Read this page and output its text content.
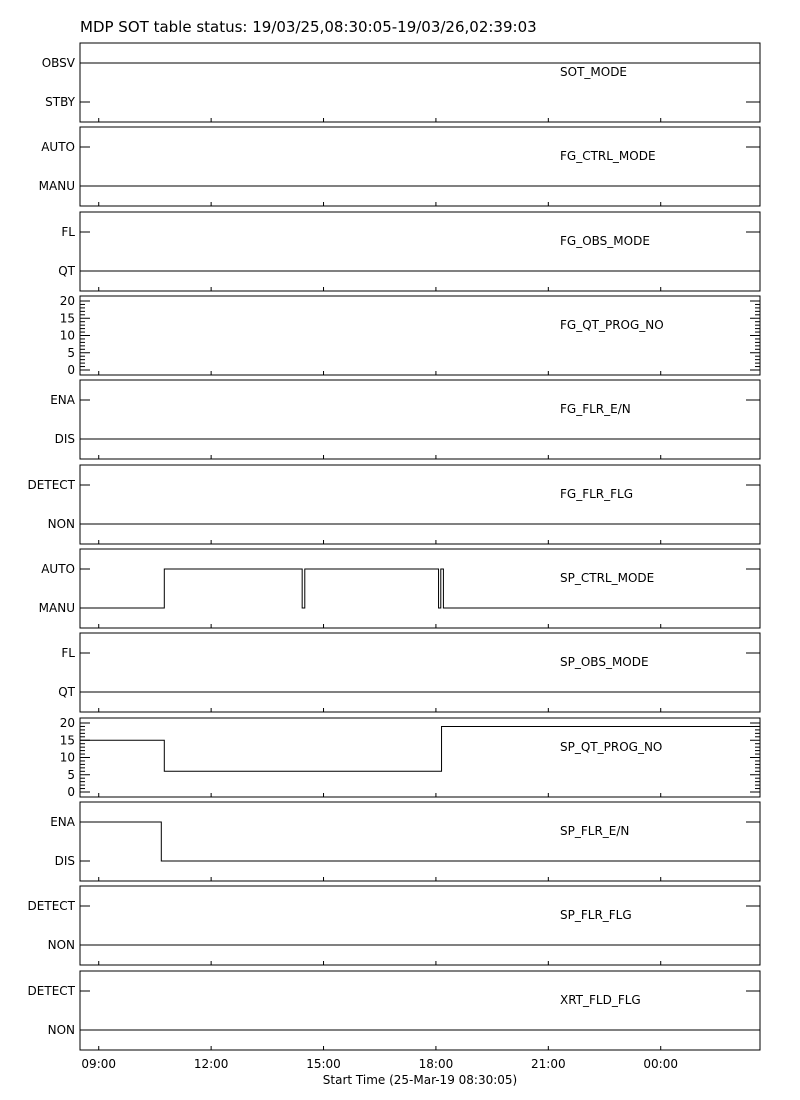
MDP SOT table status: 19/03/25,08:30:05-19/03/26,02:39:03
SOT_MODE
OBSV
STBY
FG_CTRL_MODE
AUTO
MANU
FG_OBS_MODE
FL
QT
FG_QT_PROG_NO
0
5
10
15
20
FG_FLR_E/N
ENA
DIS
FG_FLR_FLG
DETECT
NON
SP_CTRL_MODE
AUTO
MANU
SP_OBS_MODE
FL
QT
SP_QT_PROG_NO
0
5
10
15
20
SP_FLR_E/N
ENA
DIS
SP_FLR_FLG
DETECT
NON
XRT_FLD_FLG
DETECT
NON
09:00	12:00	15:00	18:00	21:00	00:00
Start Time (25-Mar-19 08:30:05)
